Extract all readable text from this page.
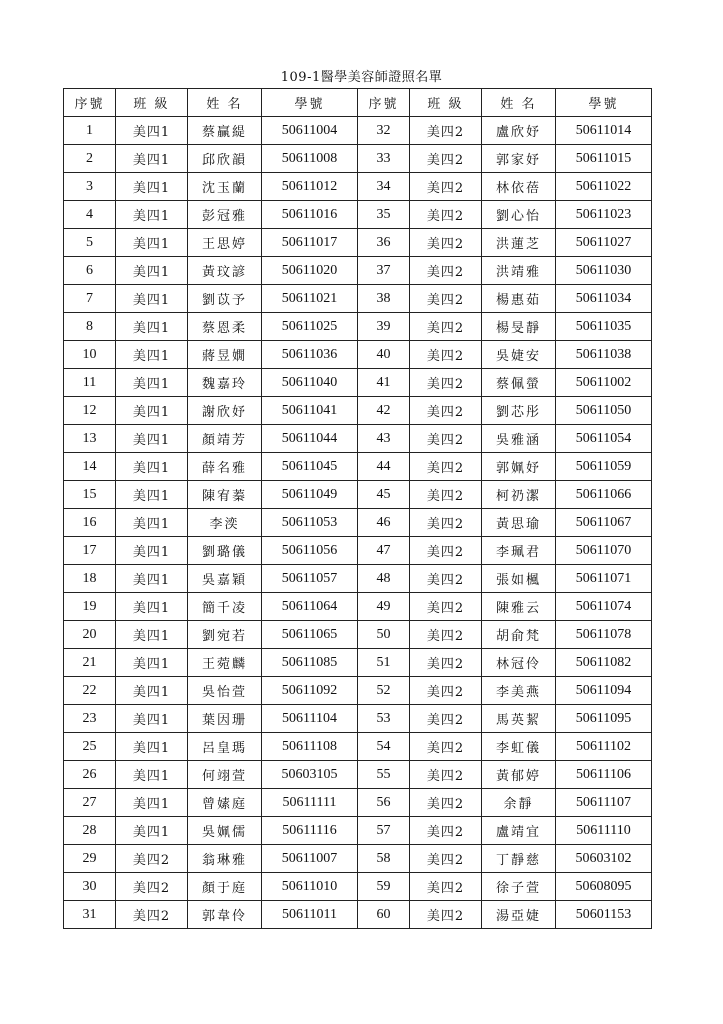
109-1醫學美容師證照名單
序號	班 級	姓 名	學號	序號	班 級	姓 名	學號
1	美四1	蔡贏緹	50611004	32	美四2	盧欣妤	50611014
2	美四1	邱欣韻	50611008	33	美四2	郭家妤	50611015
3	美四1	沈玉蘭	50611012	34	美四2	林依蓓	50611022
4	美四1	彭冠雅	50611016	35	美四2	劉心怡	50611023
5	美四1	王思婷	50611017	36	美四2	洪蓮芝	50611027
6	美四1	黃玟諺	50611020	37	美四2	洪靖雅	50611030
7	美四1	劉苡予	50611021	38	美四2	楊惠茹	50611034
8	美四1	蔡恩柔	50611025	39	美四2	楊旻靜	50611035
10	美四1	蔣昱嫺	50611036	40	美四2	吳婕安	50611038
11	美四1	魏嘉玲	50611040	41	美四2	蔡佩螢	50611002
12	美四1	謝欣妤	50611041	42	美四2	劉芯彤	50611050
13	美四1	顏靖芳	50611044	43	美四2	吳雅涵	50611054
14	美四1	薛名雅	50611045	44	美四2	郭姵妤	50611059
15	美四1	陳宥蓁	50611049	45	美四2	柯礽潔	50611066
16	美四1	李湙	50611053	46	美四2	黃思瑜	50611067
17	美四1	劉璐儀	50611056	47	美四2	李珮君	50611070
18	美四1	吳嘉穎	50611057	48	美四2	張如楓	50611071
19	美四1	簡千凌	50611064	49	美四2	陳雅云	50611074
20	美四1	劉宛若	50611065	50	美四2	胡俞梵	50611078
21	美四1	王菀麟	50611085	51	美四2	林冠伶	50611082
22	美四1	吳怡萱	50611092	52	美四2	李美燕	50611094
23	美四1	葉因珊	50611104	53	美四2	馬英絜	50611095
25	美四1	呂皇瑪	50611108	54	美四2	李虹儀	50611102
26	美四1	何翊萱	50603105	55	美四2	黃郁婷	50611106
27	美四1	曾嫊庭	50611111	56	美四2	余靜	50611107
28	美四1	吳姵儒	50611116	57	美四2	盧靖宜	50611110
29	美四2	翁琳雅	50611007	58	美四2	丁靜慈	50603102
30	美四2	顏于庭	50611010	59	美四2	徐子萱	50608095
31	美四2	郭韋伶	50611011	60	美四2	湯亞婕	50601153
